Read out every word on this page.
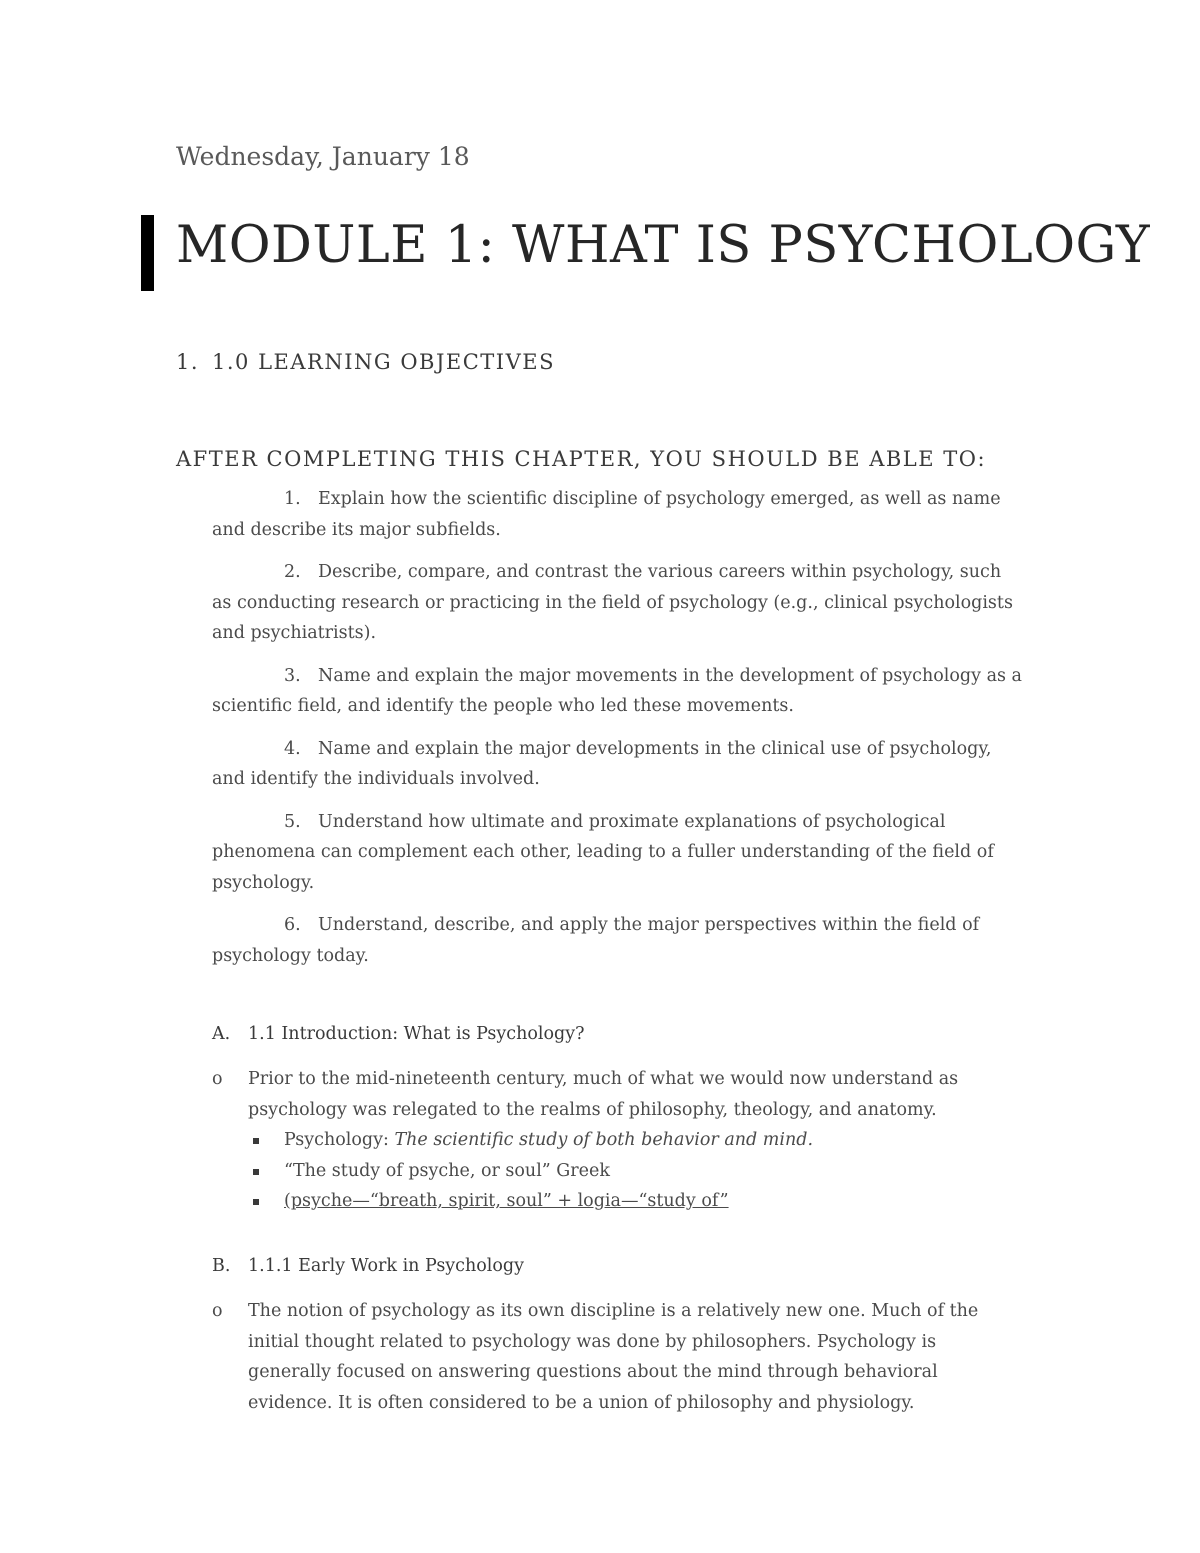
Wednesday, January 18
MODULE 1: WHAT IS PSYCHOLOGY
1. 1.0 LEARNING OBJECTIVES
AFTER COMPLETING THIS CHAPTER, YOU SHOULD BE ABLE TO:
1. Explain how the scientific discipline of psychology emerged, as well as name and describe its major subfields.
2. Describe, compare, and contrast the various careers within psychology, such as conducting research or practicing in the field of psychology (e.g., clinical psychologists and psychiatrists).
3. Name and explain the major movements in the development of psychology as a scientific field, and identify the people who led these movements.
4. Name and explain the major developments in the clinical use of psychology, and identify the individuals involved.
5. Understand how ultimate and proximate explanations of psychological phenomena can complement each other, leading to a fuller understanding of the field of psychology.
6. Understand, describe, and apply the major perspectives within the field of psychology today.
A. 1.1 Introduction: What is Psychology?
o Prior to the mid-nineteenth century, much of what we would now understand as psychology was relegated to the realms of philosophy, theology, and anatomy.
Psychology: The scientific study of both behavior and mind.
“The study of psyche, or soul” Greek
(psyche—“breath, spirit, soul” + logia—“study of”
B. 1.1.1 Early Work in Psychology
o The notion of psychology as its own discipline is a relatively new one. Much of the initial thought related to psychology was done by philosophers. Psychology is generally focused on answering questions about the mind through behavioral evidence. It is often considered to be a union of philosophy and physiology.
